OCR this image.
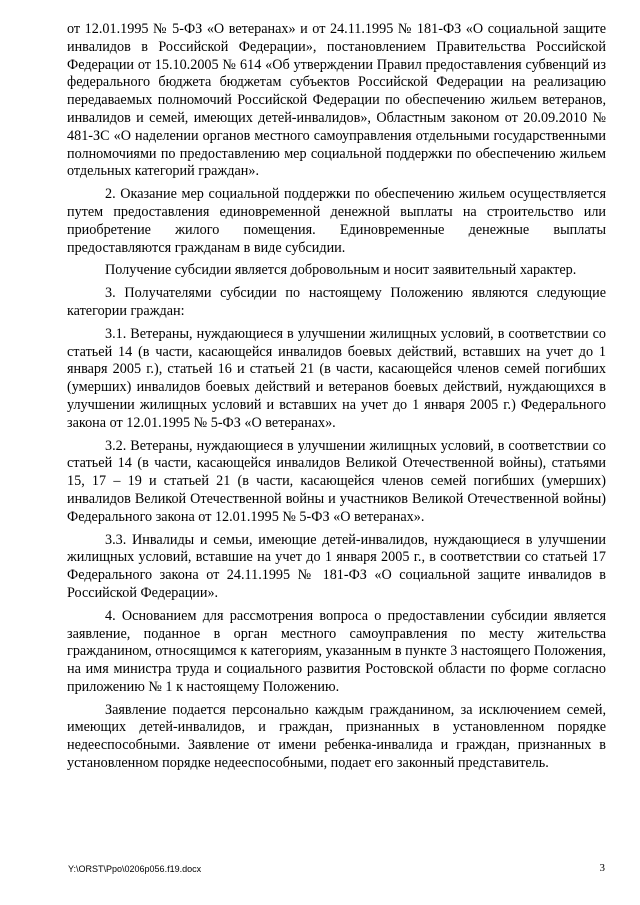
от 12.01.1995 № 5-ФЗ «О ветеранах» и от 24.11.1995 № 181-ФЗ «О социальной защите инвалидов в Российской Федерации», постановлением Правительства Российской Федерации от 15.10.2005 № 614 «Об утверждении Правил предоставления субвенций из федерального бюджета бюджетам субъектов Российской Федерации на реализацию передаваемых полномочий Российской Федерации по обеспечению жильем ветеранов, инвалидов и семей, имеющих детей-инвалидов», Областным законом от 20.09.2010 № 481-ЗС «О наделении органов местного самоуправления отдельными государственными полномочиями по предоставлению мер социальной поддержки по обеспечению жильем отдельных категорий граждан».

2. Оказание мер социальной поддержки по обеспечению жильем осуществляется путем предоставления единовременной денежной выплаты на строительство или приобретение жилого помещения. Единовременные денежные выплаты предоставляются гражданам в виде субсидии.

Получение субсидии является добровольным и носит заявительный характер.

3. Получателями субсидии по настоящему Положению являются следующие категории граждан:

3.1. Ветераны, нуждающиеся в улучшении жилищных условий, в соответствии со статьей 14 (в части, касающейся инвалидов боевых действий, вставших на учет до 1 января 2005 г.), статьей 16 и статьей 21 (в части, касающейся членов семей погибших (умерших) инвалидов боевых действий и ветеранов боевых действий, нуждающихся в улучшении жилищных условий и вставших на учет до 1 января 2005 г.) Федерального закона от 12.01.1995 № 5-ФЗ «О ветеранах».

3.2. Ветераны, нуждающиеся в улучшении жилищных условий, в соответствии со статьей 14 (в части, касающейся инвалидов Великой Отечественной войны), статьями 15, 17 – 19 и статьей 21 (в части, касающейся членов семей погибших (умерших) инвалидов Великой Отечественной войны и участников Великой Отечественной войны) Федерального закона от 12.01.1995 № 5-ФЗ «О ветеранах».

3.3. Инвалиды и семьи, имеющие детей-инвалидов, нуждающиеся в улучшении жилищных условий, вставшие на учет до 1 января 2005 г., в соответствии со статьей 17 Федерального закона от 24.11.1995 № 181-ФЗ «О социальной защите инвалидов в Российской Федерации».

4. Основанием для рассмотрения вопроса о предоставлении субсидии является заявление, поданное в орган местного самоуправления по месту жительства гражданином, относящимся к категориям, указанным в пункте 3 настоящего Положения, на имя министра труда и социального развития Ростовской области по форме согласно приложению № 1 к настоящему Положению.

Заявление подается персонально каждым гражданином, за исключением семей, имеющих детей-инвалидов, и граждан, признанных в установленном порядке недееспособными. Заявление от имени ребенка-инвалида и граждан, признанных в установленном порядке недееспособными, подает его законный представитель.

Y:\ORST\Ppo\0206p056.f19.docx	3
